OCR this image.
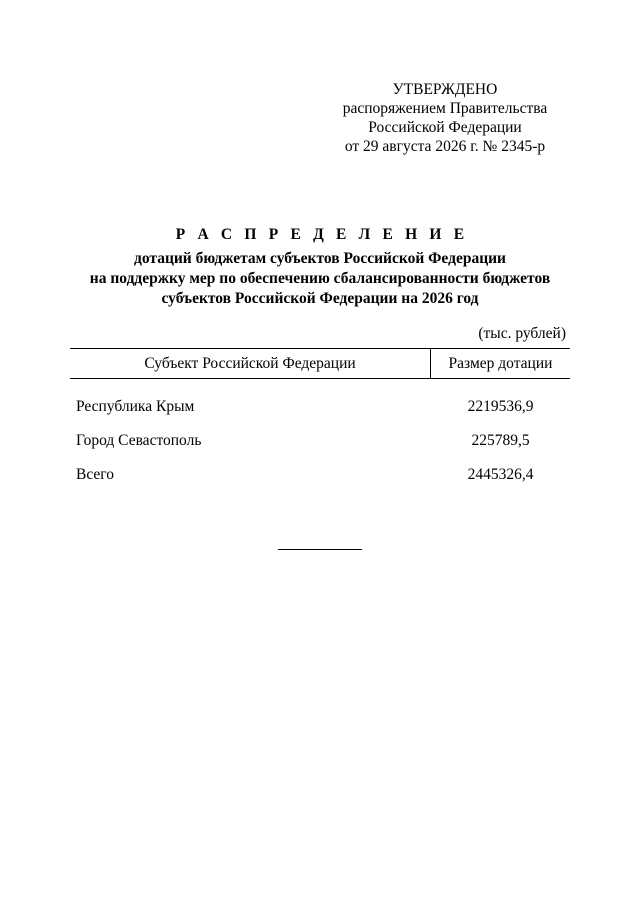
УТВЕРЖДЕНО
распоряжением Правительства
Российской Федерации
от 29 августа 2026 г. № 2345-р
Р А С П Р Е Д Е Л Е Н И Е
дотаций бюджетам субъектов Российской Федерации
на поддержку мер по обеспечению сбалансированности бюджетов
субъектов Российской Федерации на 2026 год
(тыс. рублей)
Субъект Российской Федерации	Размер дотации
Республика Крым	2219536,9
Город Севастополь	225789,5
Всего	2445326,4
